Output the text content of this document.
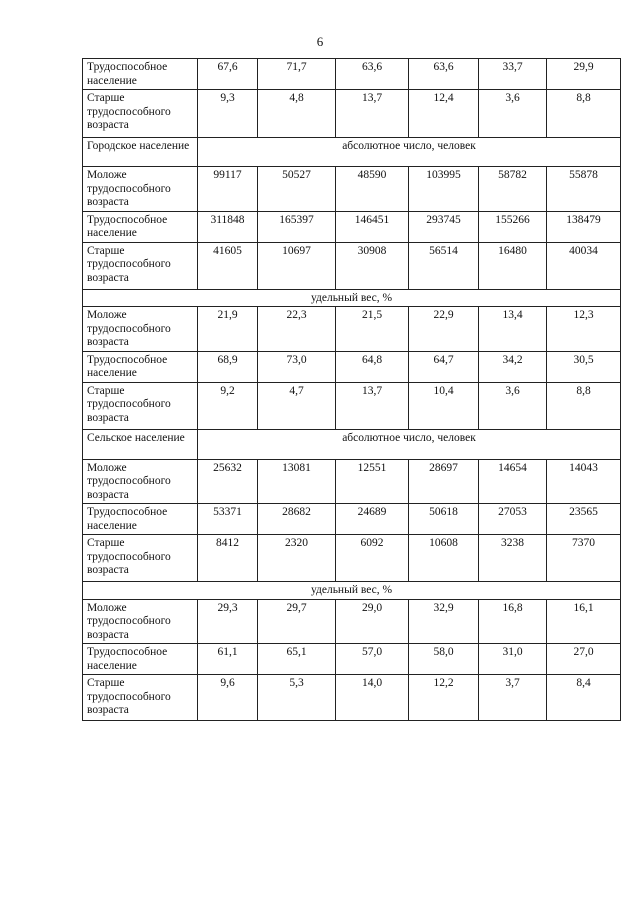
6
Трудоспособное население	67,6	71,7	63,6	63,6	33,7	29,9
Старше трудоспособного возраста	9,3	4,8	13,7	12,4	3,6	8,8
Городское население	абсолютное число, человек					
Моложе трудоспособного возраста	99117	50527	48590	103995	58782	55878
Трудоспособное население	311848	165397	146451	293745	155266	138479
Старше трудоспособного возраста	41605	10697	30908	56514	16480	40034
удельный вес, %						
Моложе трудоспособного возраста	21,9	22,3	21,5	22,9	13,4	12,3
Трудоспособное население	68,9	73,0	64,8	64,7	34,2	30,5
Старше трудоспособного возраста	9,2	4,7	13,7	10,4	3,6	8,8
Сельское население	абсолютное число, человек					
Моложе трудоспособного возраста	25632	13081	12551	28697	14654	14043
Трудоспособное население	53371	28682	24689	50618	27053	23565
Старше трудоспособного возраста	8412	2320	6092	10608	3238	7370
удельный вес, %						
Моложе трудоспособного возраста	29,3	29,7	29,0	32,9	16,8	16,1
Трудоспособное население	61,1	65,1	57,0	58,0	31,0	27,0
Старше трудоспособного возраста	9,6	5,3	14,0	12,2	3,7	8,4
